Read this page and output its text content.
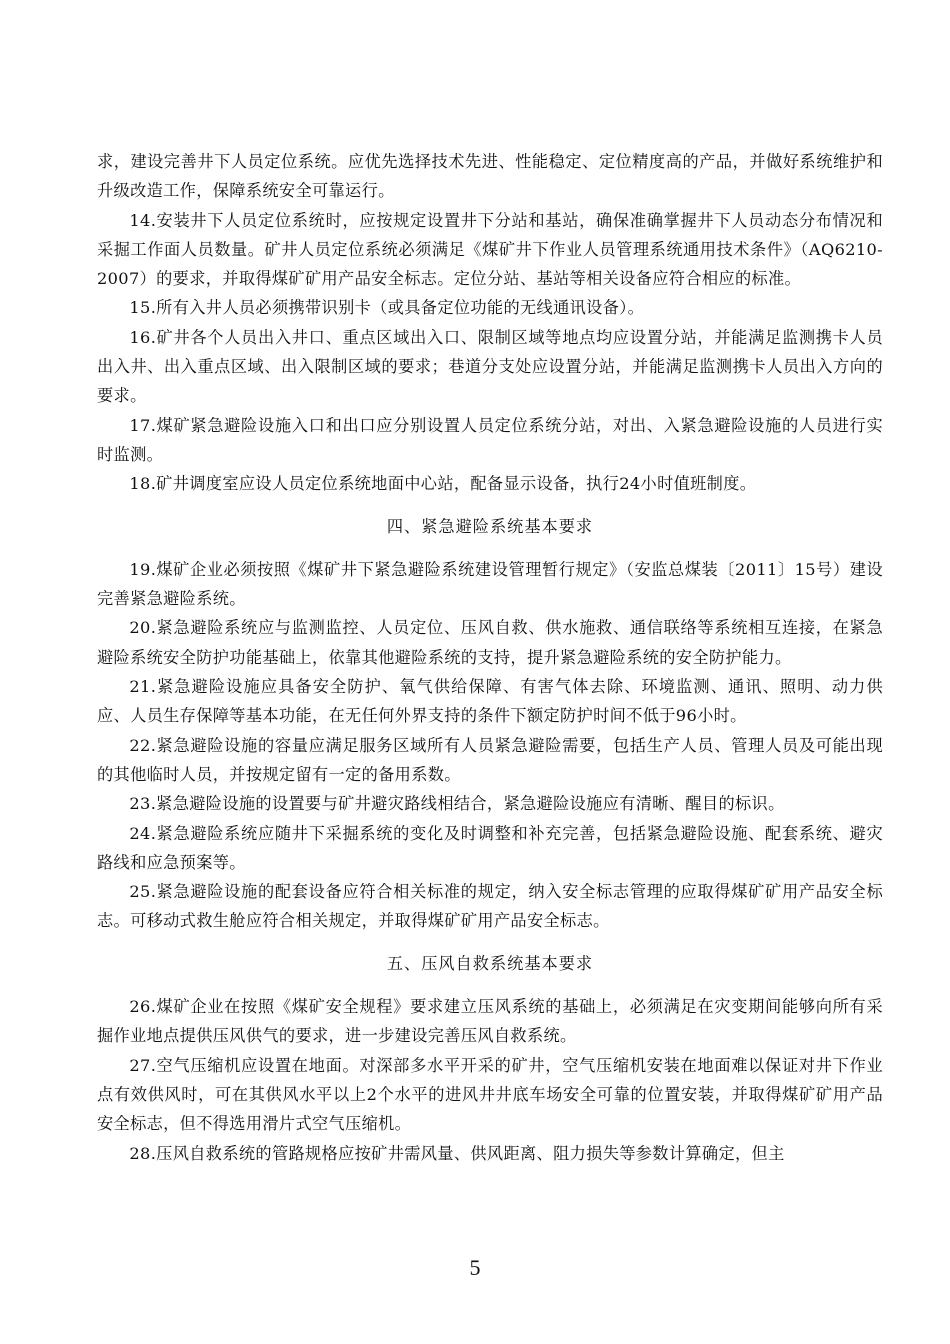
求，建设完善井下人员定位系统。应优先选择技术先进、性能稳定、定位精度高的产品，并做好系统维护和升级改造工作，保障系统安全可靠运行。

14.安装井下人员定位系统时，应按规定设置井下分站和基站，确保准确掌握井下人员动态分布情况和采掘工作面人员数量。矿井人员定位系统必须满足《煤矿井下作业人员管理系统通用技术条件》（AQ6210-2007）的要求，并取得煤矿矿用产品安全标志。定位分站、基站等相关设备应符合相应的标准。

15.所有入井人员必须携带识别卡（或具备定位功能的无线通讯设备）。

16.矿井各个人员出入井口、重点区域出入口、限制区域等地点均应设置分站，并能满足监测携卡人员出入井、出入重点区域、出入限制区域的要求；巷道分支处应设置分站，并能满足监测携卡人员出入方向的要求。

17.煤矿紧急避险设施入口和出口应分别设置人员定位系统分站，对出、入紧急避险设施的人员进行实时监测。

18.矿井调度室应设人员定位系统地面中心站，配备显示设备，执行24小时值班制度。

四、紧急避险系统基本要求

19.煤矿企业必须按照《煤矿井下紧急避险系统建设管理暂行规定》（安监总煤装〔2011〕15号）建设完善紧急避险系统。

20.紧急避险系统应与监测监控、人员定位、压风自救、供水施救、通信联络等系统相互连接，在紧急避险系统安全防护功能基础上，依靠其他避险系统的支持，提升紧急避险系统的安全防护能力。

21.紧急避险设施应具备安全防护、氧气供给保障、有害气体去除、环境监测、通讯、照明、动力供应、人员生存保障等基本功能，在无任何外界支持的条件下额定防护时间不低于96小时。

22.紧急避险设施的容量应满足服务区域所有人员紧急避险需要，包括生产人员、管理人员及可能出现的其他临时人员，并按规定留有一定的备用系数。

23.紧急避险设施的设置要与矿井避灾路线相结合，紧急避险设施应有清晰、醒目的标识。

24.紧急避险系统应随井下采掘系统的变化及时调整和补充完善，包括紧急避险设施、配套系统、避灾路线和应急预案等。

25.紧急避险设施的配套设备应符合相关标准的规定，纳入安全标志管理的应取得煤矿矿用产品安全标志。可移动式救生舱应符合相关规定，并取得煤矿矿用产品安全标志。

五、压风自救系统基本要求

26.煤矿企业在按照《煤矿安全规程》要求建立压风系统的基础上，必须满足在灾变期间能够向所有采掘作业地点提供压风供气的要求，进一步建设完善压风自救系统。

27.空气压缩机应设置在地面。对深部多水平开采的矿井，空气压缩机安装在地面难以保证对井下作业点有效供风时，可在其供风水平以上2个水平的进风井井底车场安全可靠的位置安装，并取得煤矿矿用产品安全标志，但不得选用滑片式空气压缩机。

28.压风自救系统的管路规格应按矿井需风量、供风距离、阻力损失等参数计算确定，但主

5
